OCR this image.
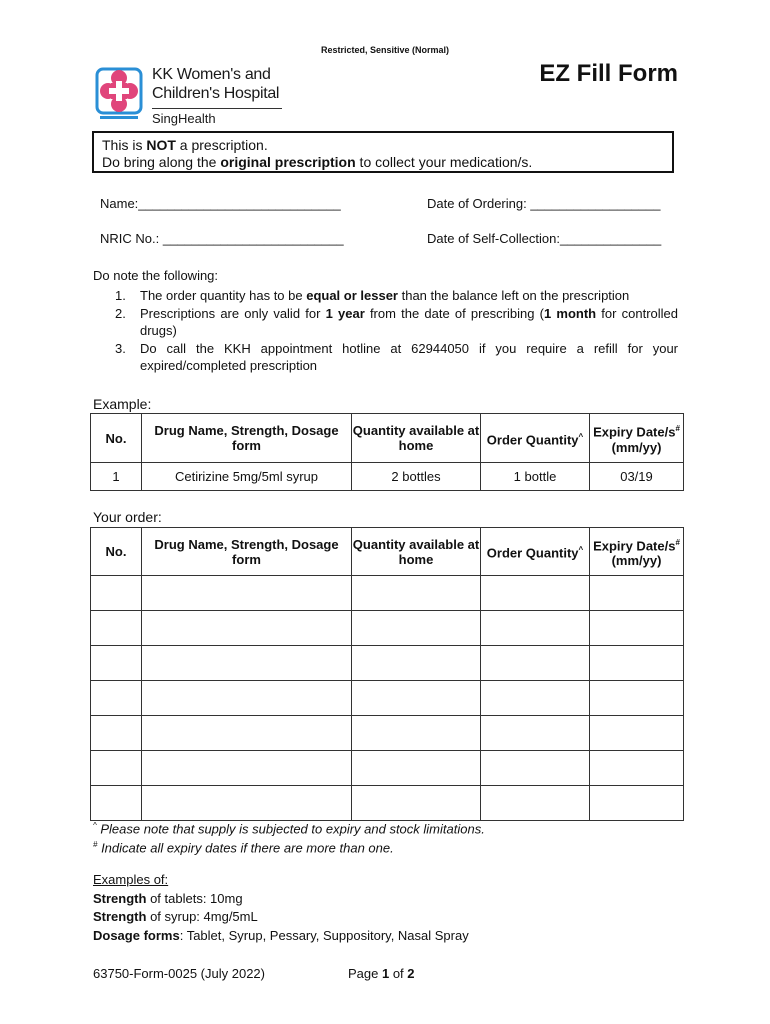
Restricted, Sensitive (Normal)
KK Women's and
Children's Hospital
SingHealth
EZ Fill Form
This is NOT a prescription.
Do bring along the original prescription to collect your medication/s.
Name:____________________________	Date of Ordering: __________________
NRIC No.: _________________________	Date of Self-Collection:______________
Do note the following:
1. The order quantity has to be equal or lesser than the balance left on the prescription
2. Prescriptions are only valid for 1 year from the date of prescribing (1 month for controlled drugs)
3. Do call the KKH appointment hotline at 62944050 if you require a refill for your expired/completed prescription
Example:
No.	Drug Name, Strength, Dosage form	Quantity available at home	Order Quantity^	Expiry Date/s#
(mm/yy)
1	Cetirizine 5mg/5ml syrup	2 bottles	1 bottle	03/19
Your order:
No.	Drug Name, Strength, Dosage form	Quantity available at home	Order Quantity^	Expiry Date/s#
(mm/yy)

^ Please note that supply is subjected to expiry and stock limitations.
# Indicate all expiry dates if there are more than one.
Examples of:
Strength of tablets: 10mg
Strength of syrup: 4mg/5mL
Dosage forms: Tablet, Syrup, Pessary, Suppository, Nasal Spray
63750-Form-0025 (July 2022)	Page 1 of 2
